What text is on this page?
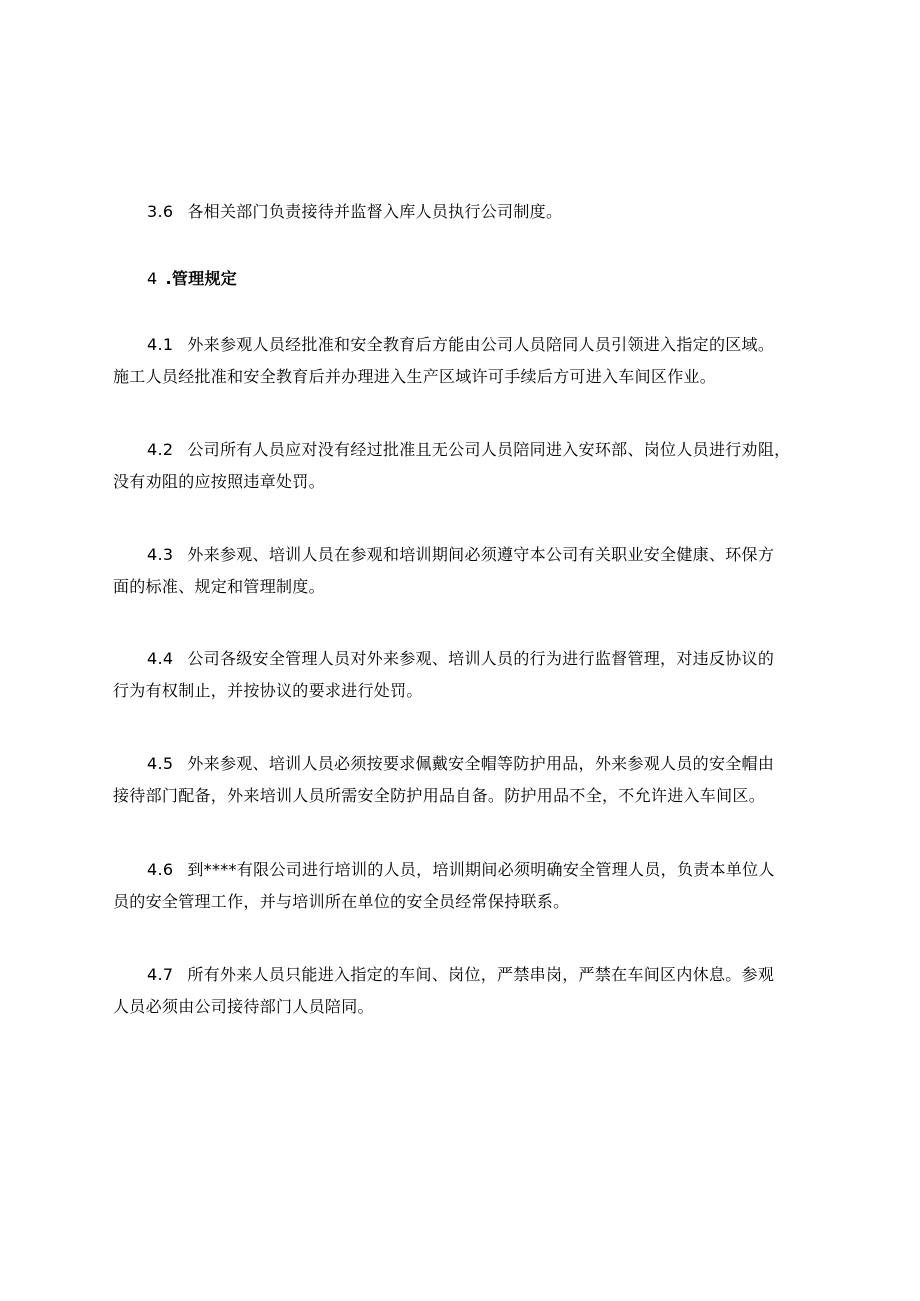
3.6 各相关部门负责接待并监督入库人员执行公司制度。

4 .管理规定

4.1 外来参观人员经批准和安全教育后方能由公司人员陪同人员引领进入指定的区域。
施工人员经批准和安全教育后并办理进入生产区域许可手续后方可进入车间区作业。

4.2 公司所有人员应对没有经过批准且无公司人员陪同进入安环部、岗位人员进行劝阻，
没有劝阻的应按照违章处罚。

4.3 外来参观、培训人员在参观和培训期间必须遵守本公司有关职业安全健康、环保方
面的标准、规定和管理制度。

4.4 公司各级安全管理人员对外来参观、培训人员的行为进行监督管理，对违反协议的
行为有权制止，并按协议的要求进行处罚。

4.5 外来参观、培训人员必须按要求佩戴安全帽等防护用品，外来参观人员的安全帽由
接待部门配备，外来培训人员所需安全防护用品自备。防护用品不全，不允许进入车间区。

4.6 到****有限公司进行培训的人员，培训期间必须明确安全管理人员，负责本单位人
员的安全管理工作，并与培训所在单位的安全员经常保持联系。

4.7 所有外来人员只能进入指定的车间、岗位，严禁串岗，严禁在车间区内休息。参观
人员必须由公司接待部门人员陪同。
